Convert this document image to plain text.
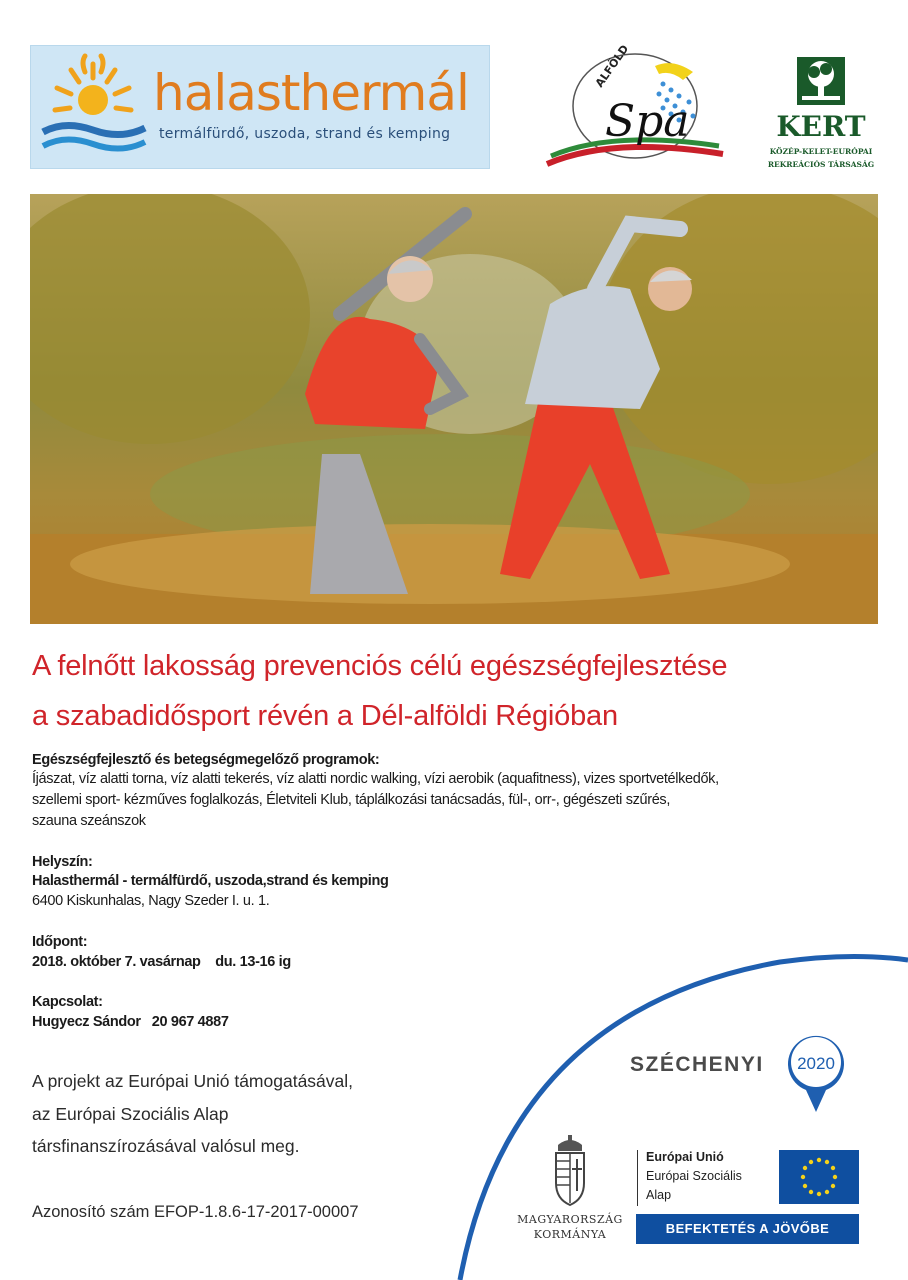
halasthermál
termálfürdő, uszoda, strand és kemping
ALFÖLD
Spa	KERT
KÖZÉP-KELET-EURÓPAI
REKREÁCIÓS TÁRSASÁG
A felnőtt lakosság prevenciós célú egészségfejlesztése
a szabadidősport révén a Dél-alföldi Régióban
Egészségfejlesztő és betegségmegelőző programok:
Íjászat, víz alatti torna, víz alatti tekerés, víz alatti nordic walking, vízi aerobik (aquafitness), vizes sportvetélkedők,
szellemi sport- kézműves foglalkozás, Életviteli Klub, táplálkozási tanácsadás, fül-, orr-, gégészeti szűrés,
szauna szeánszok
Helyszín:
Halasthermál - termálfürdő, uszoda,strand és kemping
6400 Kiskunhalas, Nagy Szeder I. u. 1.
Időpont:
2018. október 7. vasárnap    du. 13-16 ig
Kapcsolat:
Hugyecz Sándor   20 967 4887
A projekt az Európai Unió támogatásával,
az Európai Szociális Alap
társfinanszírozásával valósul meg.
Azonosító szám EFOP-1.8.6-17-2017-00007
SZÉCHENYI 2020
MAGYARORSZÁG
KORMÁNYA
Európai Unió
Európai Szociális
Alap
BEFEKTETÉS A JÖVŐBE
